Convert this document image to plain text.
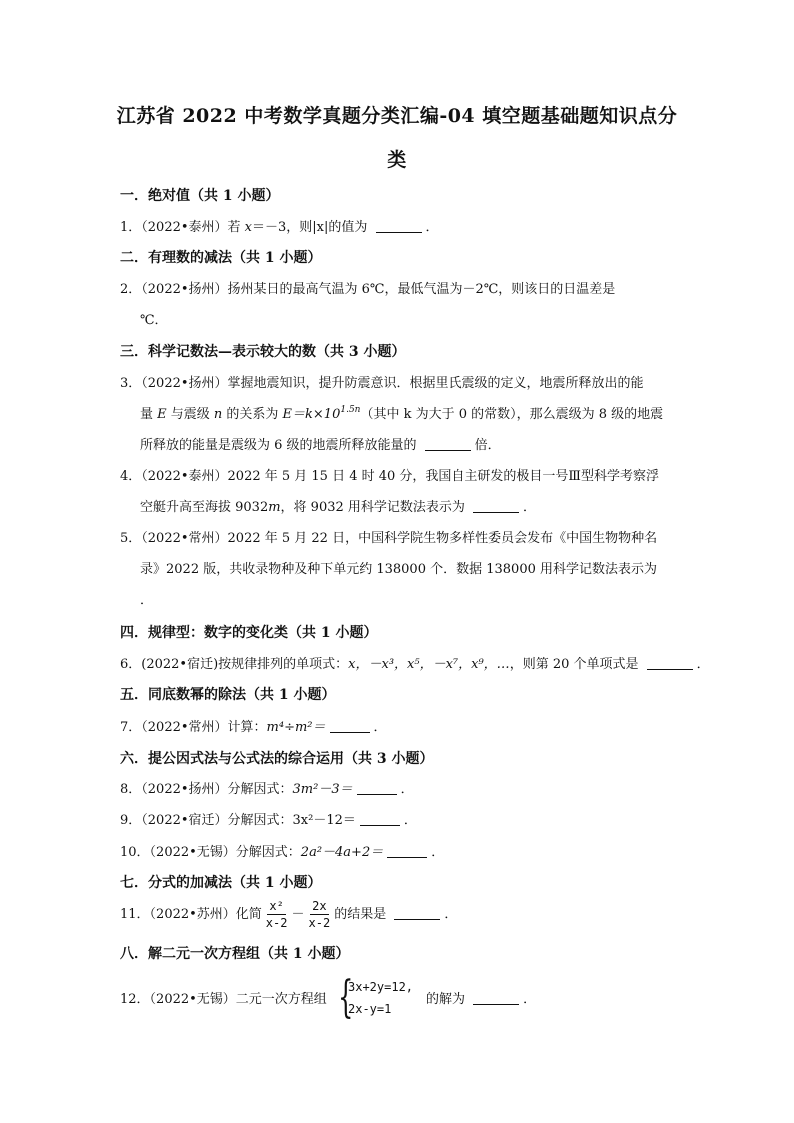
江苏省 2022 中考数学真题分类汇编-04 填空题基础题知识点分
类
一．绝对值（共 1 小题）
1．（2022•泰州）若 x＝－3，则|x|的值为	．
二．有理数的减法（共 1 小题）
2．（2022•扬州）扬州某日的最高气温为 6℃，最低气温为－2℃，则该日的日温差是
℃．
三．科学记数法—表示较大的数（共 3 小题）
3．（2022•扬州）掌握地震知识，提升防震意识．根据里氏震级的定义，地震所释放出的能
量 E 与震级 n 的关系为 $E=k\times 10^{1.5n}$（其中 k 为大于 0 的常数），那么震级为 8 级的地震
所释放的能量是震级为 6 级的地震所释放能量的	倍．
4．（2022•泰州）2022 年 5 月 15 日 4 时 40 分，我国自主研发的极目一号Ⅲ型科学考察浮
空艇升高至海拔 9032m，将 9032 用科学记数法表示为	．
5．（2022•常州）2022 年 5 月 22 日，中国科学院生物多样性委员会发布《中国生物物种名
录》2022 版，共收录物种及种下单元约 138000 个．数据 138000 用科学记数法表示为
．
四．规律型：数字的变化类（共 1 小题）
6．(2022•宿迁)按规律排列的单项式：x，－x³，x⁵，－x⁷，x⁹，…，则第 20 个单项式是	．
五．同底数幂的除法（共 1 小题）
7．（2022•常州）计算：m⁴÷m²＝	．
六．提公因式法与公式法的综合运用（共 3 小题）
8．（2022•扬州）分解因式：3m²－3＝	．
9．（2022•宿迁）分解因式：3x²－12＝	．
10．（2022•无锡）分解因式：2a²－4a+2＝	．
七．分式的加减法（共 1 小题）
11．（2022•苏州）化简 $\frac{\text{x²}}{x-2} - \frac{2x}{x-2}$ 的结果是	．
八．解二元一次方程组（共 1 小题）
12．（2022•无锡）二元一次方程组 {
3x+2y=12,
2x-y=1
的解为	．
